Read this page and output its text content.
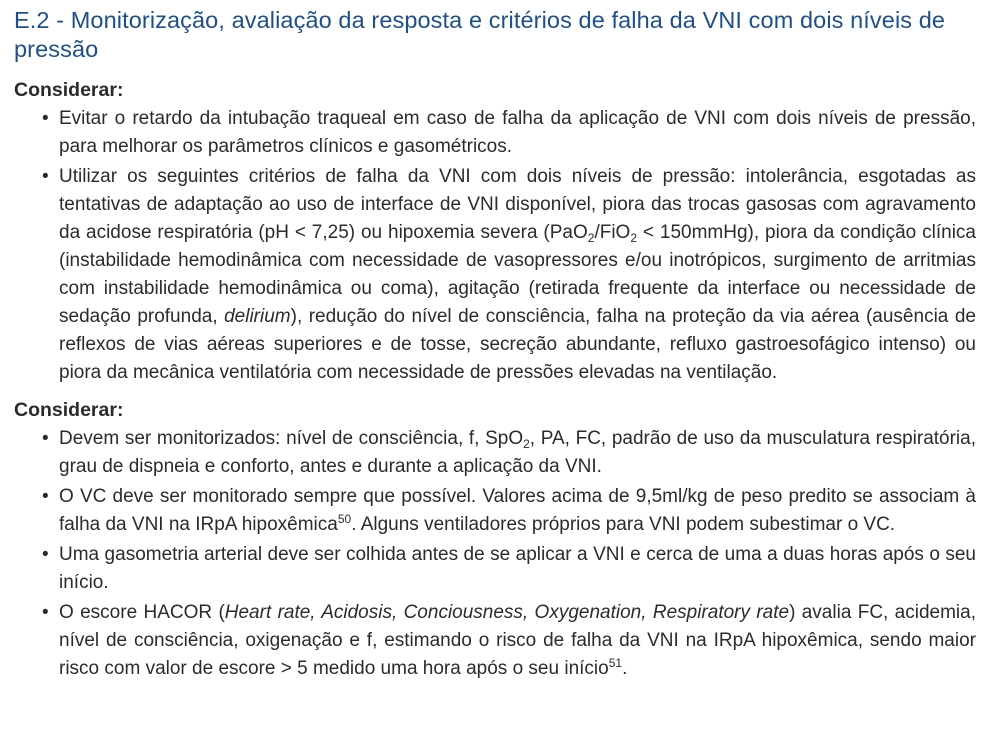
E.2 - Monitorização, avaliação da resposta e critérios de falha da VNI com dois níveis de pressão

Considerar:

• Evitar o retardo da intubação traqueal em caso de falha da aplicação de VNI com dois níveis de pressão, para melhorar os parâmetros clínicos e gasométricos.
• Utilizar os seguintes critérios de falha da VNI com dois níveis de pressão: intolerância, esgotadas as tentativas de adaptação ao uso de interface de VNI disponível, piora das trocas gasosas com agravamento da acidose respiratória (pH < 7,25) ou hipoxemia severa (PaO$_2$/FiO$_2$ < 150mmHg), piora da condição clínica (instabilidade hemodinâmica com necessidade de vasopressores e/ou inotrópicos, surgimento de arritmias com instabilidade hemodinâmica ou coma), agitação (retirada frequente da interface ou necessidade de sedação profunda, delirium), redução do nível de consciência, falha na proteção da via aérea (ausência de reflexos de vias aéreas superiores e de tosse, secreção abundante, refluxo gastroesofágico intenso) ou piora da mecânica ventilatória com necessidade de pressões elevadas na ventilação.

Considerar:

• Devem ser monitorizados: nível de consciência, f, SpO$_2$, PA, FC, padrão de uso da musculatura respiratória, grau de dispneia e conforto, antes e durante a aplicação da VNI.
• O VC deve ser monitorado sempre que possível. Valores acima de 9,5ml/kg de peso predito se associam à falha da VNI na IRpA hipoxêmica$^{50}$. Alguns ventiladores próprios para VNI podem subestimar o VC.
• Uma gasometria arterial deve ser colhida antes de se aplicar a VNI e cerca de uma a duas horas após o seu início.
• O escore HACOR (Heart rate, Acidosis, Conciousness, Oxygenation, Respiratory rate) avalia FC, acidemia, nível de consciência, oxigenação e f, estimando o risco de falha da VNI na IRpA hipoxêmica, sendo maior risco com valor de escore > 5 medido uma hora após o seu início$^{51}$.
